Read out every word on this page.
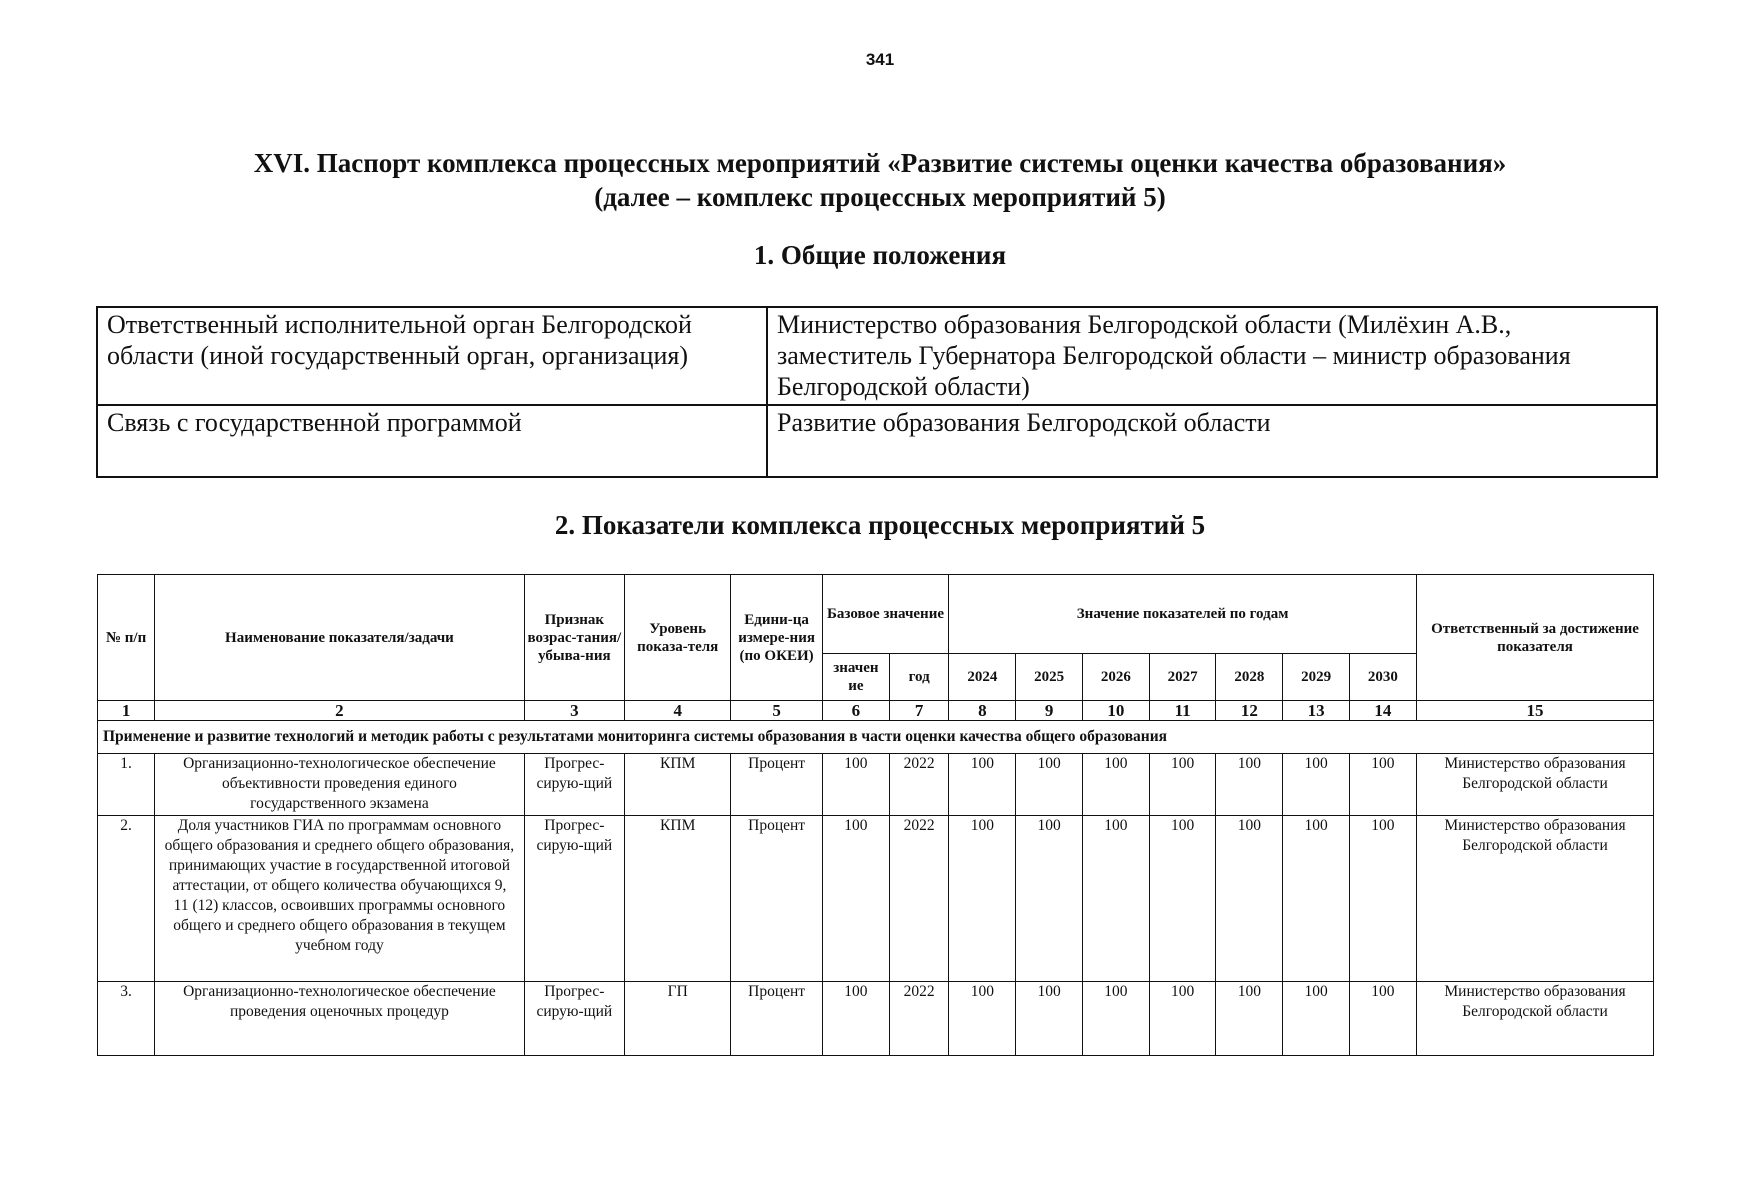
341
XVI. Паспорт комплекса процессных мероприятий «Развитие системы оценки качества образования»
(далее – комплекс процессных мероприятий 5)
1. Общие положения
Ответственный исполнительной орган Белгородской области (иной государственный орган, организация)	Министерство образования Белгородской области (Милёхин А.В., заместитель Губернатора Белгородской области – министр образования Белгородской области)
Связь с государственной программой	Развитие образования Белгородской области
2. Показатели комплекса процессных мероприятий 5
№ п/п	Наименование показателя/задачи	Признак возрас-тания/ убыва-ния	Уровень показа-теля	Едини-ца измере-ния (по ОКЕИ)	Базовое значение		Значение показателей по годам							Ответственный за достижение показателя
					значен ие	год	2024	2025	2026	2027	2028	2029	2030	
1	2	3	4	5	6	7	8	9	10	11	12	13	14	15
Применение и развитие технологий и методик работы с результатами мониторинга системы образования в части оценки качества общего образования														
1.	Организационно-технологическое обеспечение объективности проведения единого государственного экзамена	Прогрес-сирую-щий	КПМ	Процент	100	2022	100	100	100	100	100	100	100	Министерство образования Белгородской области
2.	Доля участников ГИА по программам основного общего образования и среднего общего образования, принимающих участие в государственной итоговой аттестации, от общего количества обучающихся 9, 11 (12) классов, освоивших программы основного общего и среднего общего образования в текущем учебном году	Прогрес-сирую-щий	КПМ	Процент	100	2022	100	100	100	100	100	100	100	Министерство образования Белгородской области
3.	Организационно-технологическое обеспечение проведения оценочных процедур	Прогрес-сирую-щий	ГП	Процент	100	2022	100	100	100	100	100	100	100	Министерство образования Белгородской области
